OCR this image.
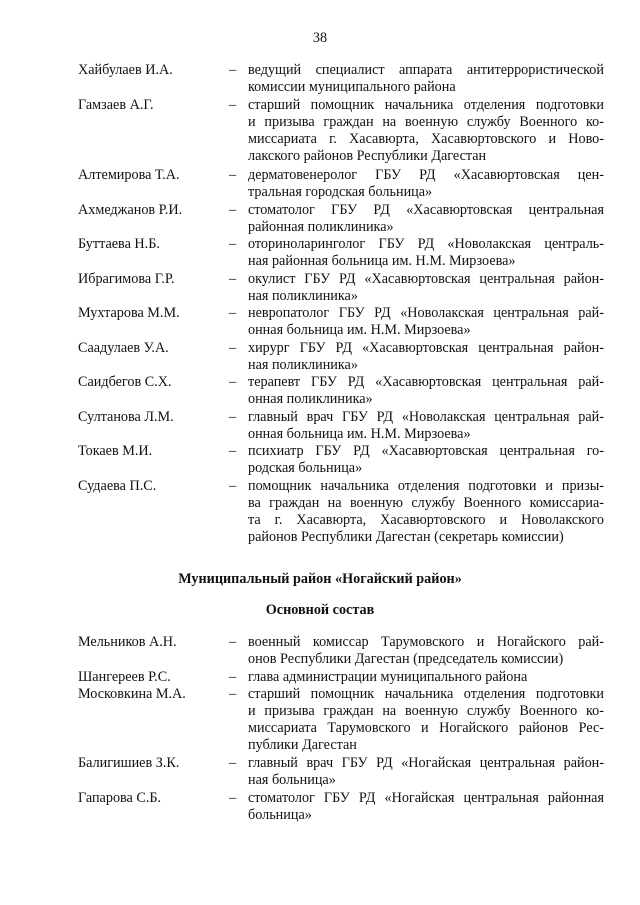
38
Хайбулаев И.А.	– ведущий специалист аппарата антитеррористической
комиссии муниципального района
Гамзаев А.Г.	– старший помощник начальника отделения подготовки
и призыва граждан на военную службу Военного ко-
миссариата г. Хасавюрта, Хасавюртовского и Ново-
лакского районов Республики Дагестан
Алтемирова Т.А.	– дерматовенеролог ГБУ РД «Хасавюртовская цен-
тральная городская больница»
Ахмеджанов Р.И.	– стоматолог ГБУ РД «Хасавюртовская центральная
районная поликлиника»
Буттаева Н.Б.	– оториноларинголог ГБУ РД «Новолакская централь-
ная районная больница им. Н.М. Мирзоева»
Ибрагимова Г.Р.	– окулист ГБУ РД «Хасавюртовская центральная район-
ная поликлиника»
Мухтарова М.М.	– невропатолог ГБУ РД «Новолакская центральная рай-
онная больница им. Н.М. Мирзоева»
Саадулаев У.А.	– хирург ГБУ РД «Хасавюртовская центральная район-
ная поликлиника»
Саидбегов С.Х.	– терапевт ГБУ РД «Хасавюртовская центральная рай-
онная поликлиника»
Султанова Л.М.	– главный врач ГБУ РД «Новолакская центральная рай-
онная больница им. Н.М. Мирзоева»
Токаев М.И.	– психиатр ГБУ РД «Хасавюртовская центральная го-
родская больница»
Судаева П.С.	– помощник начальника отделения подготовки и призы-
ва граждан на военную службу Военного комиссариа-
та г. Хасавюрта, Хасавюртовского и Новолакского
районов Республики Дагестан (секретарь комиссии)
Муниципальный район «Ногайский район»
Основной состав
Мельников А.Н.	– военный комиссар Тарумовского и Ногайского рай-
онов Республики Дагестан (председатель комиссии)
Шангереев Р.С.	– глава администрации муниципального района
Московкина М.А.	– старший помощник начальника отделения подготовки
и призыва граждан на военную службу Военного ко-
миссариата Тарумовского и Ногайского районов Рес-
публики Дагестан
Балигишиев З.К.	– главный врач ГБУ РД «Ногайская центральная район-
ная больница»
Гапарова С.Б.	– стоматолог ГБУ РД «Ногайская центральная районная
больница»
